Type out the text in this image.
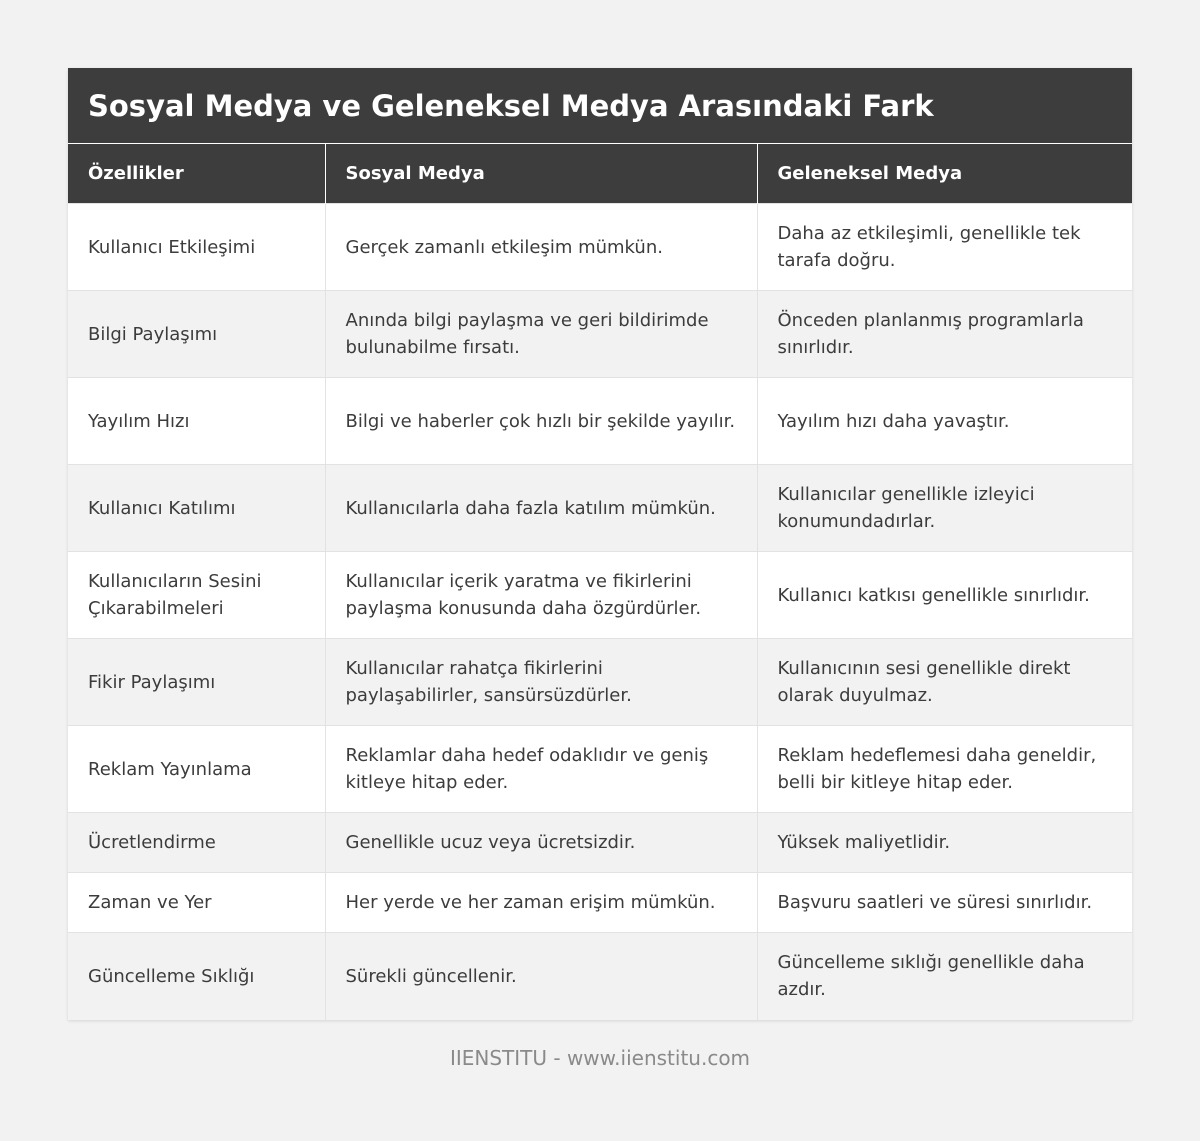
Sosyal Medya ve Geleneksel Medya Arasındaki Fark
Özellikler	Sosyal Medya	Geleneksel Medya
Kullanıcı Etkileşimi	Gerçek zamanlı etkileşim mümkün.	Daha az etkileşimli, genellikle tek tarafa doğru.
Bilgi Paylaşımı	Anında bilgi paylaşma ve geri bildirimde bulunabilme fırsatı.	Önceden planlanmış programlarla sınırlıdır.
Yayılım Hızı	Bilgi ve haberler çok hızlı bir şekilde yayılır.	Yayılım hızı daha yavaştır.
Kullanıcı Katılımı	Kullanıcılarla daha fazla katılım mümkün.	Kullanıcılar genellikle izleyici konumundadırlar.
Kullanıcıların Sesini Çıkarabilmeleri	Kullanıcılar içerik yaratma ve fikirlerini paylaşma konusunda daha özgürdürler.	Kullanıcı katkısı genellikle sınırlıdır.
Fikir Paylaşımı	Kullanıcılar rahatça fikirlerini paylaşabilirler, sansürsüzdürler.	Kullanıcının sesi genellikle direkt olarak duyulmaz.
Reklam Yayınlama	Reklamlar daha hedef odaklıdır ve geniş kitleye hitap eder.	Reklam hedeflemesi daha geneldir, belli bir kitleye hitap eder.
Ücretlendirme	Genellikle ucuz veya ücretsizdir.	Yüksek maliyetlidir.
Zaman ve Yer	Her yerde ve her zaman erişim mümkün.	Başvuru saatleri ve süresi sınırlıdır.
Güncelleme Sıklığı	Sürekli güncellenir.	Güncelleme sıklığı genellikle daha azdır.
IIENSTITU - www.iienstitu.com
